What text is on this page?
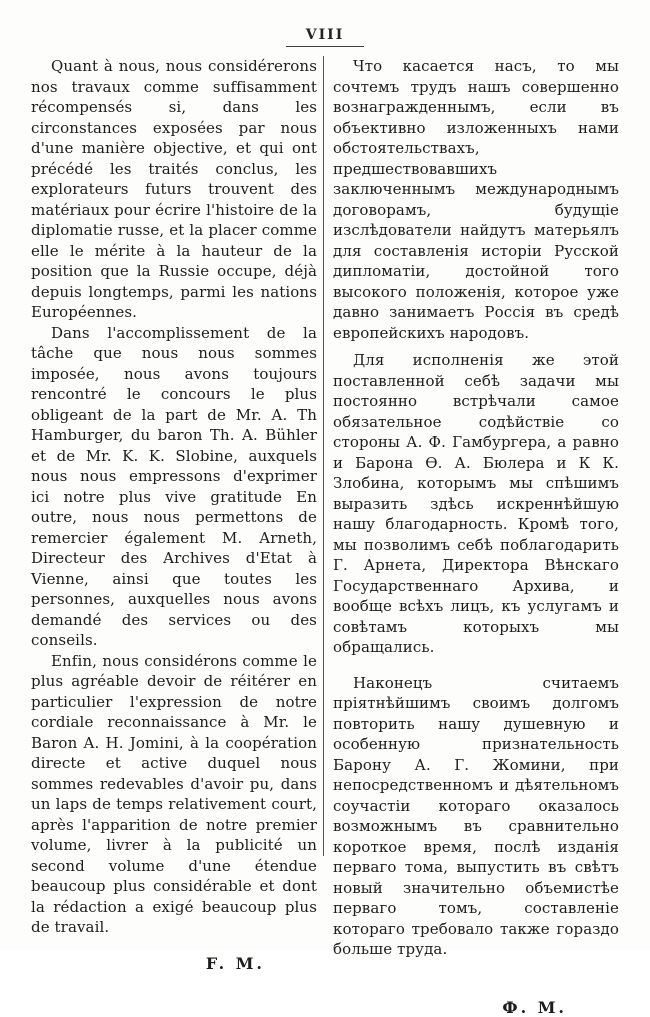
VIII

Quant à nous, nous considérerons nos travaux comme suffisamment récompensés si, dans les circonstances exposées par nous d'une manière objective, et qui ont précédé les traités conclus, les explorateurs futurs trouvent des matériaux pour écrire l'histoire de la diplomatie russe, et la placer comme elle le mérite à la hauteur de la position que la Russie occupe, déjà depuis longtemps, parmi les nations Européennes.

Dans l'accomplissement de la tâche que nous nous sommes imposée, nous avons toujours rencontré le concours le plus obligeant de la part de Mr. A. Th Hamburger, du baron Th. A. Bühler et de Mr. K. K. Slobine, auxquels nous nous empressons d'exprimer ici notre plus vive gratitude En outre, nous nous permettons de remercier également M. Arneth, Directeur des Archives d'Etat à Vienne, ainsi que toutes les personnes, auxquelles nous avons demandé des services ou des conseils.

Enfin, nous considérons comme le plus agréable devoir de réitérer en particulier l'expression de notre cordiale reconnaissance à Mr. le Baron A. H. Jomini, à la coopération directe et active duquel nous sommes redevables d'avoir pu, dans un laps de temps relativement court, après l'apparition de notre premier volume, livrer à la publicité un second volume d'une étendue beaucoup plus considérable et dont la rédaction a exigé beaucoup plus de travail.

F. M.

Что касается насъ, то мы сочтемъ трудъ нашъ совершенно вознагражденнымъ, если въ объективно изложенныхъ нами обстоятельствахъ, предшествовавшихъ заключеннымъ международнымъ договорамъ, будущіе изслѣдователи найдутъ матерьялъ для составленія исторіи Русской дипломатіи, достойной того высокого положенія, которое уже давно занимаетъ Россія въ средѣ европейскихъ народовъ.

Для исполненія же этой поставленной себѣ задачи мы постоянно встрѣчали самое обязательное содѣйствіе со стороны А. Ф. Гамбургера, а равно и Барона Ѳ. А. Бюлера и К К. Злобина, которымъ мы спѣшимъ выразить здѣсь искреннѣйшую нашу благодарность. Кромѣ того, мы позволимъ себѣ поблагодарить Г. Арнета, Директора Вѣнскаго Государственнаго Архива, и вообще всѣхъ лицъ, къ услугамъ и совѣтамъ которыхъ мы обращались.

Наконецъ считаемъ пріятнѣйшимъ своимъ долгомъ повторить нашу душевную и особенную признательность Барону А. Г. Жомини, при непосредственномъ и дѣятельномъ соучастіи котораго оказалось возможнымъ въ сравнительно короткое время, послѣ изданія перваго тома, выпустить въ свѣтъ новый значительно объемистѣе перваго томъ, составленіе котораго требовало также гораздо больше труда.

Ф. М.
